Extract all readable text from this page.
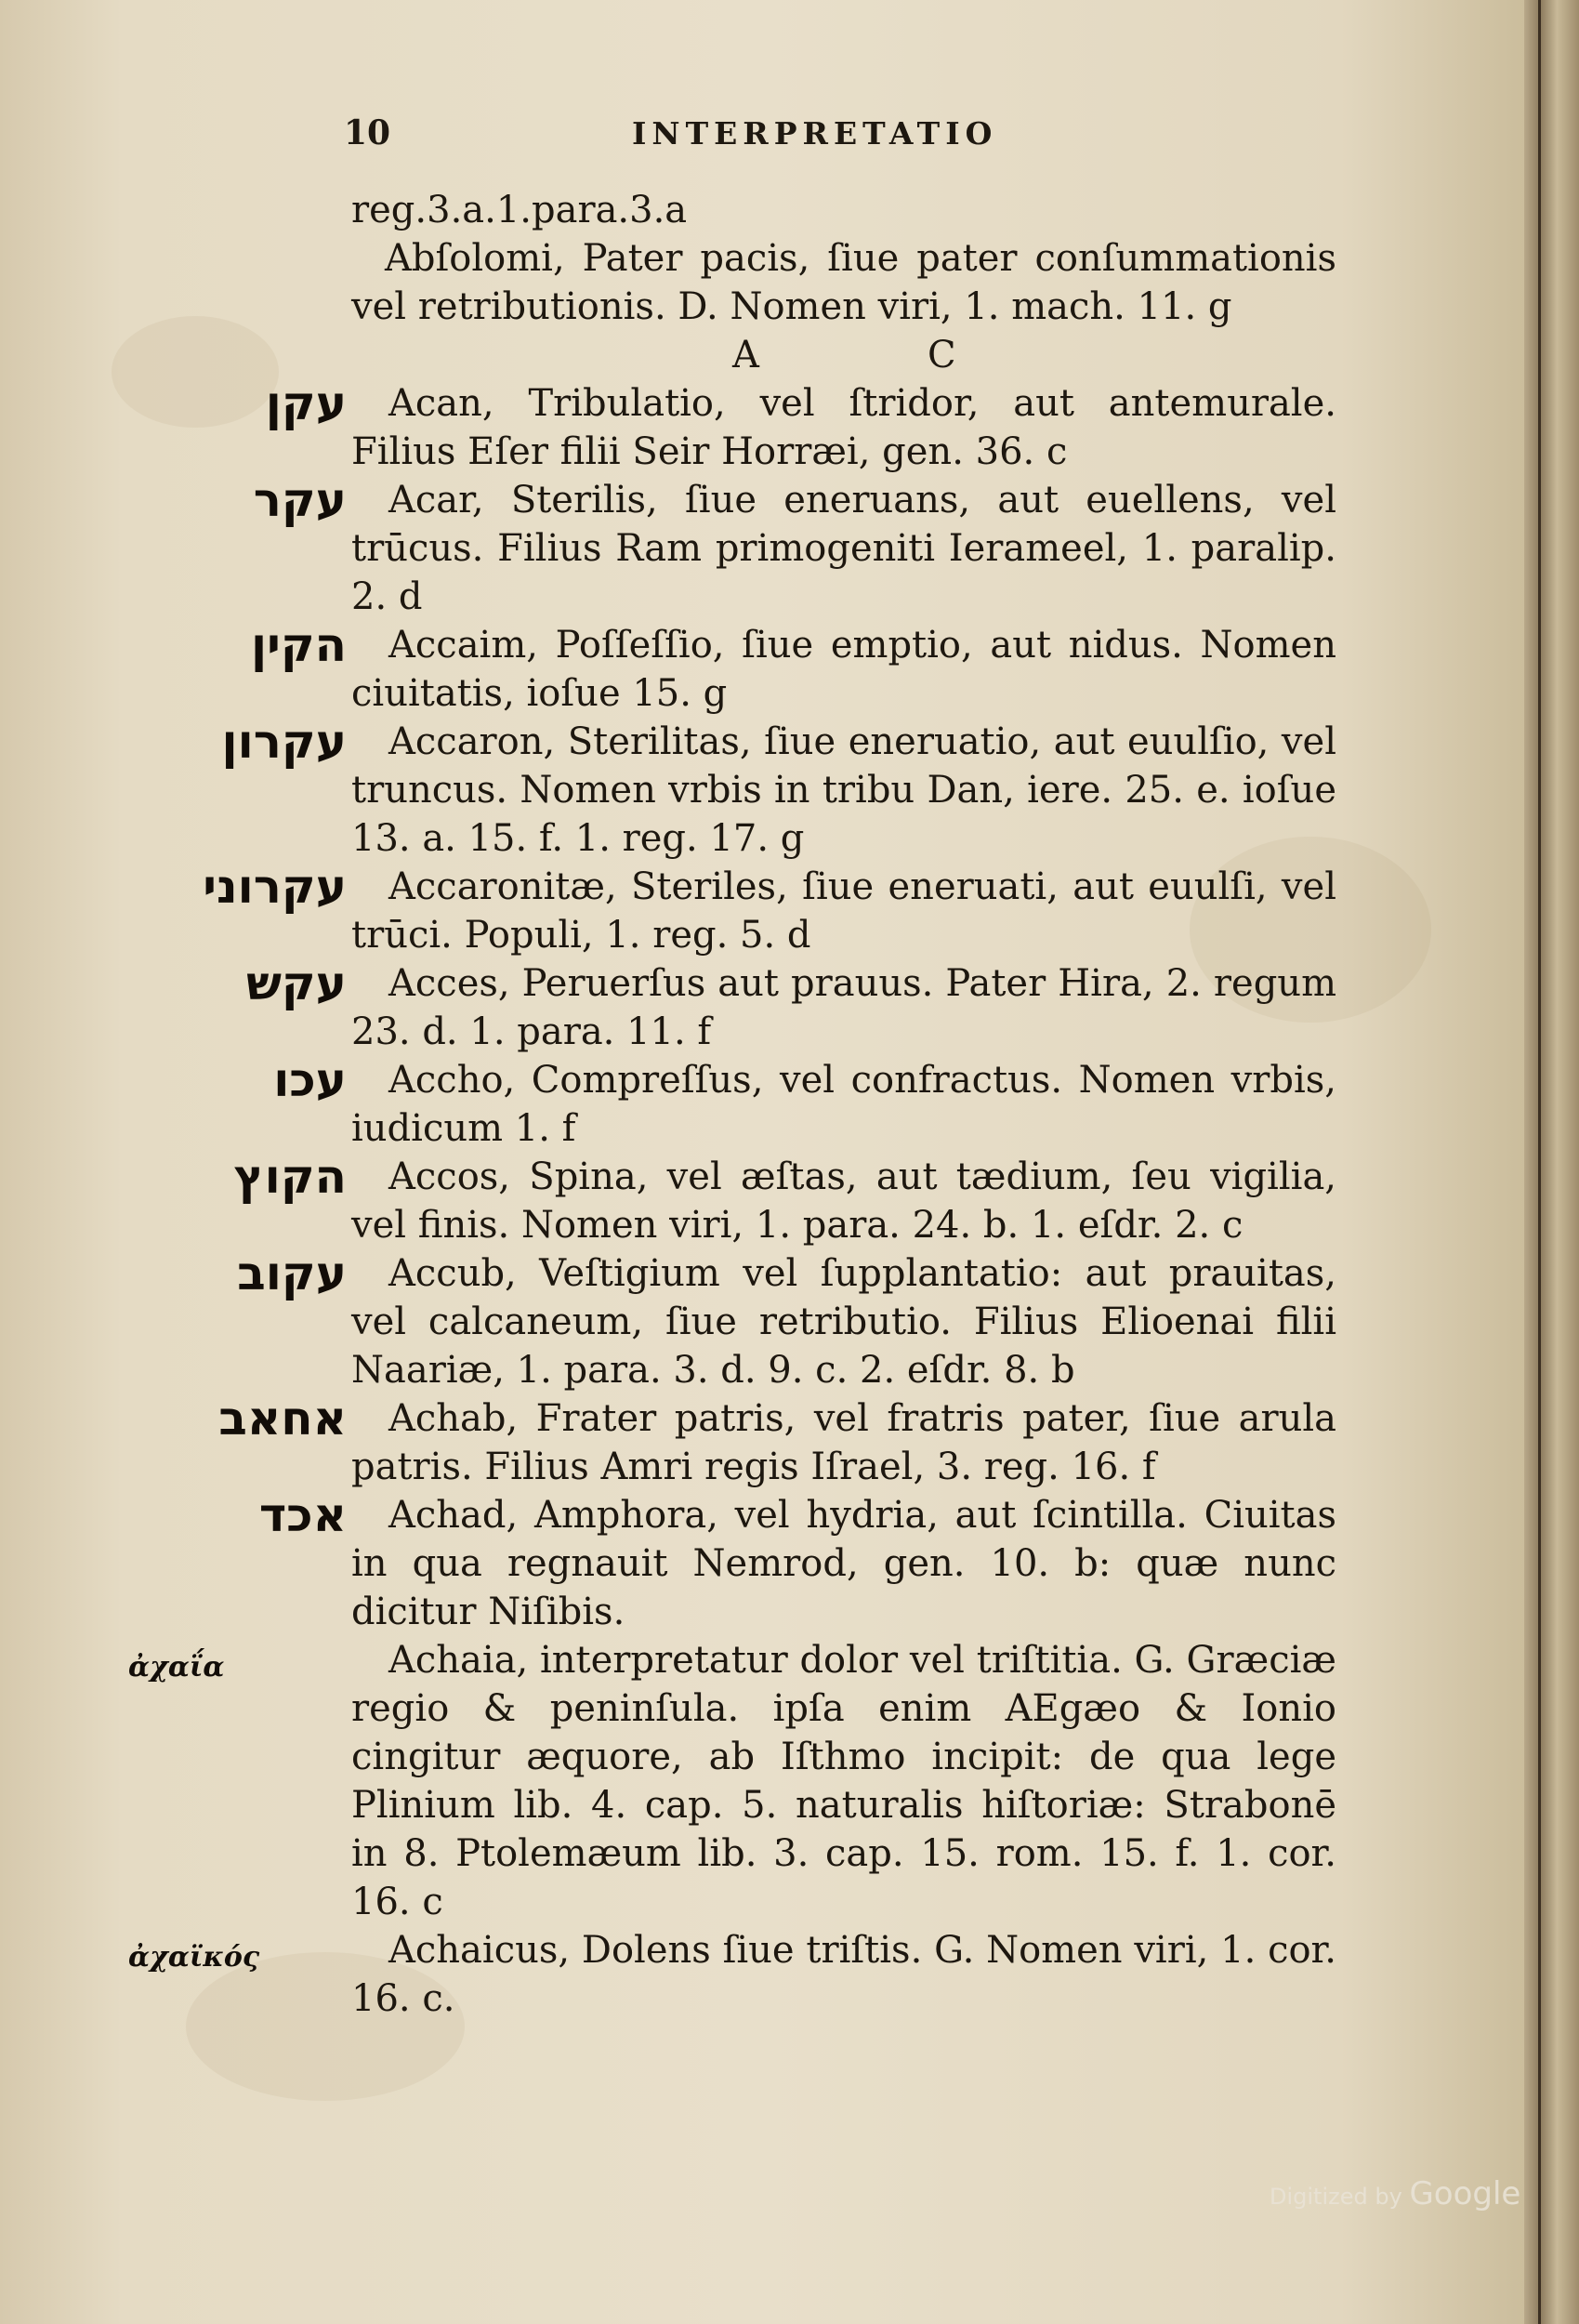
10	INTERPRETATIO

reg.3.a.1.para.3.a

Abſolomi, Pater pacis, ſiue pater conſummationis vel retributionis. D. Nomen viri, 1. mach. 11. g

A	C

עקן Acan, Tribulatio, vel ſtridor, aut antemurale. Filius Eſer filii Seir Horræi, gen. 36. c

עקר Acar, Sterilis, ſiue eneruans, aut euellens, vel trūcus. Filius Ram primogeniti Ierameel, 1. paralip. 2. d

הקין Accaim, Poſſeſſio, ſiue emptio, aut nidus. Nomen ciuitatis, ioſue 15. g

עקרון Accaron, Sterilitas, ſiue eneruatio, aut euulſio, vel truncus. Nomen vrbis in tribu Dan, iere. 25. e. ioſue 13. a. 15. f. 1. reg. 17. g

עקרוני Accaronitæ, Steriles, ſiue eneruati, aut euulſi, vel trūci. Populi, 1. reg. 5. d

עקש Acces, Peruerſus aut prauus. Pater Hira, 2. regum 23. d. 1. para. 11. f

עכו Accho, Compreſſus, vel confractus. Nomen vrbis, iudicum 1. f

הקוץ Accos, Spina, vel æſtas, aut tædium, ſeu vigilia, vel finis. Nomen viri, 1. para. 24. b. 1. eſdr. 2. c

עקוב Accub, Veſtigium vel ſupplantatio: aut prauitas, vel calcaneum, ſiue retributio. Filius Elioenai filii Naariæ, 1. para. 3. d. 9. c. 2. eſdr. 8. b

אחאב Achab, Frater patris, vel fratris pater, ſiue arula patris. Filius Amri regis Iſrael, 3. reg. 16. f

אכד Achad, Amphora, vel hydria, aut ſcintilla. Ciuitas in qua regnauit Nemrod, gen. 10. b: quæ nunc dicitur Niſibis.

ἀχαΐα	Achaia, interpretatur dolor vel triſtitia. G. Græciæ regio & peninſula. ipſa enim AEgæo & Ionio cingitur æquore, ab Iſthmo incipit: de qua lege Plinium lib. 4. cap. 5. naturalis hiſtoriæ: Strabonē in 8. Ptolemæum lib. 3. cap. 15. rom. 15. f. 1. cor. 16. c

ἀχαϊκός	Achaicus, Dolens ſiue triſtis. G. Nomen viri, 1. cor. 16. c.

Digitized by Google
